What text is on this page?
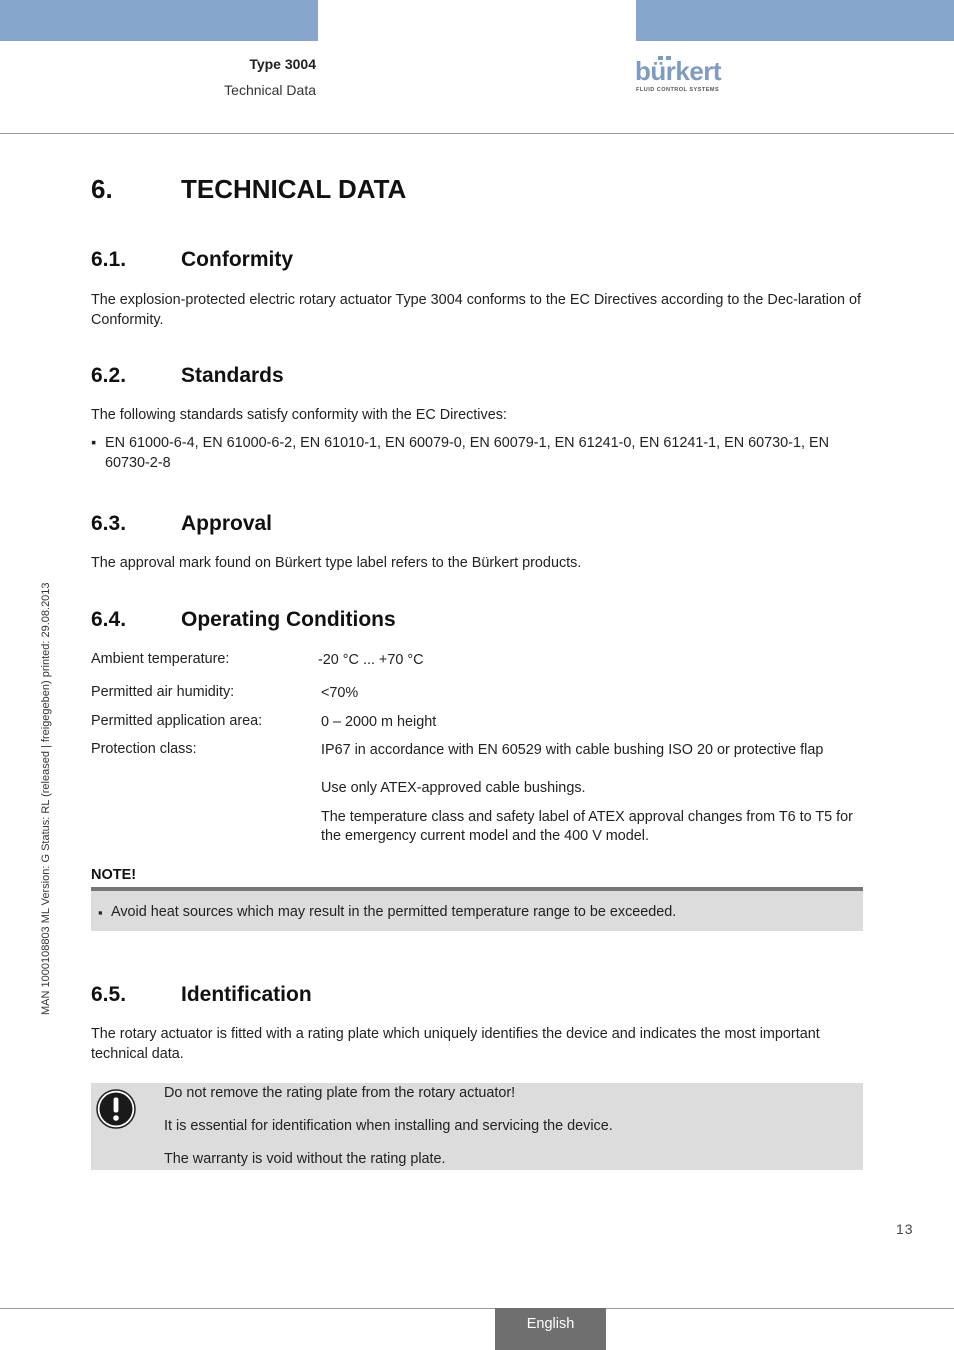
Type 3004
Technical Data
bürkert
FLUID CONTROL SYSTEMS
MAN 1000108803 ML Version: G Status: RL (released | freigegeben) printed: 29.08.2013
6.	TECHNICAL DATA
6.1.	Conformity
The explosion-protected electric rotary actuator Type 3004 conforms to the EC Directives according to the Dec-laration of Conformity.
6.2.	Standards
The following standards satisfy conformity with the EC Directives:
▪ EN 61000-6-4, EN 61000-6-2, EN 61010-1, EN 60079-0, EN 60079-1, EN 61241-0, EN 61241-1, EN 60730-1, EN 60730-2-8
6.3.	Approval
The approval mark found on Bürkert type label refers to the Bürkert products.
6.4.	Operating Conditions
Ambient temperature:	-20 °C ... +70 °C
Permitted air humidity:	<70%
Permitted application area:	0 – 2000 m height
Protection class:	IP67 in accordance with EN 60529 with cable bushing ISO 20 or protective flap
Use only ATEX-approved cable bushings.
The temperature class and safety label of ATEX approval changes from T6 to T5 for the emergency current model and the 400 V model.
NOTE!
▪ Avoid heat sources which may result in the permitted temperature range to be exceeded.
6.5.	Identification
The rotary actuator is fitted with a rating plate which uniquely identifies the device and indicates the most important technical data.
Do not remove the rating plate from the rotary actuator!
It is essential for identification when installing and servicing the device.
The warranty is void without the rating plate.
13
English
